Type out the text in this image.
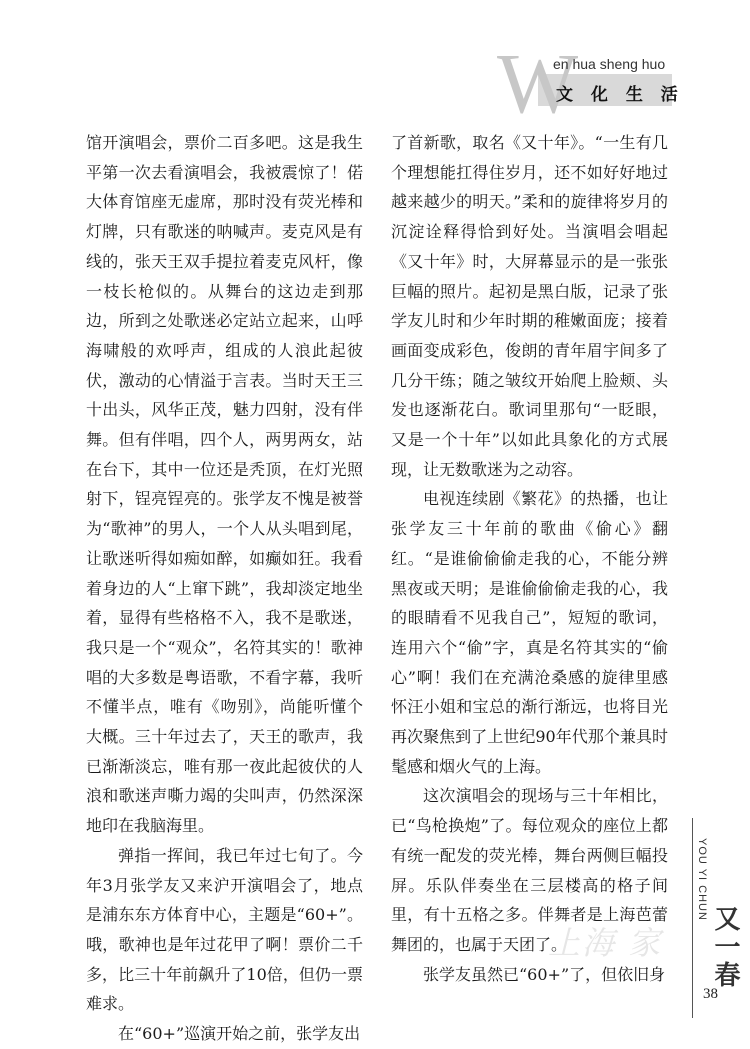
W
en hua sheng huo
文 化 生 活

馆开演唱会，票价二百多吧。这是我生平第一次去看演唱会，我被震惊了！偌大体育馆座无虚席，那时没有荧光棒和灯牌，只有歌迷的呐喊声。麦克风是有线的，张天王双手提拉着麦克风杆，像一枝长枪似的。从舞台的这边走到那边，所到之处歌迷必定站立起来，山呼海啸般的欢呼声，组成的人浪此起彼伏，激动的心情溢于言表。当时天王三十出头，风华正茂，魅力四射，没有伴舞。但有伴唱，四个人，两男两女，站在台下，其中一位还是秃顶，在灯光照射下，锃亮锃亮的。张学友不愧是被誉为“歌神”的男人，一个人从头唱到尾，让歌迷听得如痴如醉，如癫如狂。我看着身边的人“上窜下跳”，我却淡定地坐着，显得有些格格不入，我不是歌迷，我只是一个“观众”，名符其实的！歌神唱的大多数是粤语歌，不看字幕，我听不懂半点，唯有《吻别》，尚能听懂个大概。三十年过去了，天王的歌声，我已渐渐淡忘，唯有那一夜此起彼伏的人浪和歌迷声嘶力竭的尖叫声，仍然深深地印在我脑海里。

弹指一挥间，我已年过七旬了。今年3月张学友又来沪开演唱会了，地点是浦东东方体育中心，主题是“60+”。哦，歌神也是年过花甲了啊！票价二千多，比三十年前飙升了10倍，但仍一票难求。

在“60+”巡演开始之前，张学友出

了首新歌，取名《又十年》。“一生有几个理想能扛得住岁月，还不如好好地过越来越少的明天。”柔和的旋律将岁月的沉淀诠释得恰到好处。当演唱会唱起《又十年》时，大屏幕显示的是一张张巨幅的照片。起初是黑白版，记录了张学友儿时和少年时期的稚嫩面庞；接着画面变成彩色，俊朗的青年眉宇间多了几分干练；随之皱纹开始爬上脸颊、头发也逐渐花白。歌词里那句“一眨眼，又是一个十年”以如此具象化的方式展现，让无数歌迷为之动容。

电视连续剧《繁花》的热播，也让张学友三十年前的歌曲《偷心》翻红。“是谁偷偷偷走我的心，不能分辨黑夜或天明；是谁偷偷偷走我的心，我的眼睛看不见我自己”，短短的歌词，连用六个“偷”字，真是名符其实的“偷心”啊！我们在充满沧桑感的旋律里感怀汪小姐和宝总的渐行渐远，也将目光再次聚焦到了上世纪90年代那个兼具时髦感和烟火气的上海。

这次演唱会的现场与三十年相比，已“鸟枪换炮”了。每位观众的座位上都有统一配发的荧光棒，舞台两侧巨幅投屏。乐队伴奏坐在三层楼高的格子间里，有十五格之多。伴舞者是上海芭蕾舞团的，也属于天团了。

张学友虽然已“60+”了，但依旧身

上海 家
YOU YI CHUN
又一春
38
